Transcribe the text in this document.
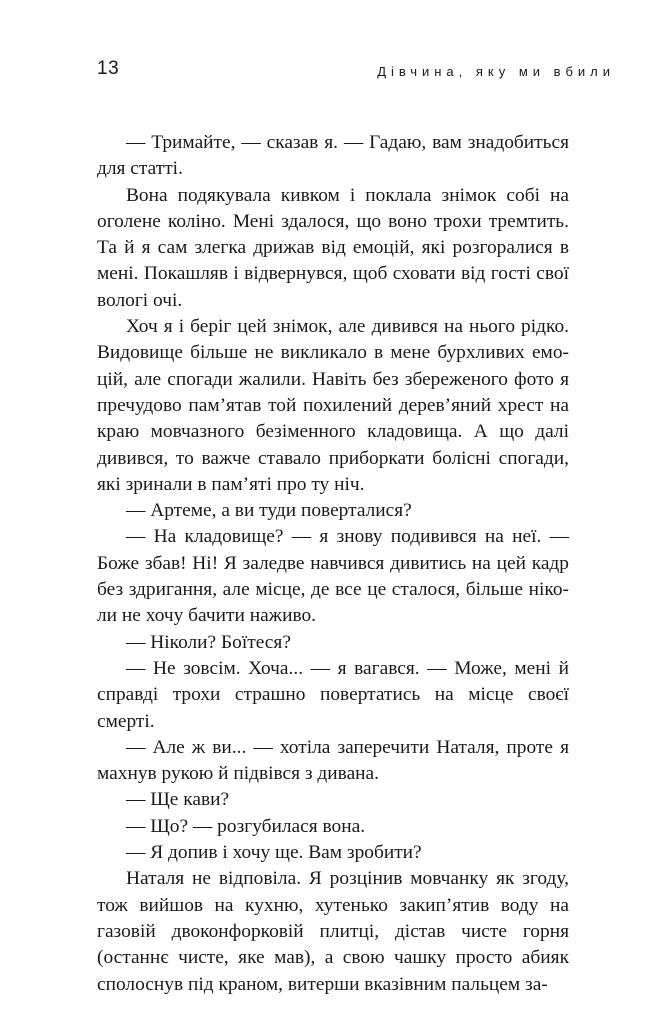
13	Дівчина, яку ми вбили

— Тримайте, — сказав я. — Гадаю, вам знадобиться для статті.

Вона подякувала кивком і поклала знімок собі на оголене коліно. Мені здалося, що воно трохи тремтить. Та й я сам злегка дрижав від емоцій, які розгоралися в мені. Покашляв і відвернувся, щоб сховати від гості свої вологі очі.

Хоч я і беріг цей знімок, але дивився на нього рідко. Видовище більше не викликало в мене бурхливих емоцій, але спогади жалили. Навіть без збереженого фото я пречудово пам’ятав той похилений дерев’яний хрест на краю мовчазного безіменного кладовища. А що далі дивився, то важче ставало приборкати болісні спогади, які зринали в пам’яті про ту ніч.

— Артеме, а ви туди поверталися?

— На кладовище? — я знову подивився на неї. — Боже збав! Ні! Я заледве навчився дивитись на цей кадр без здригання, але місце, де все це сталося, більше ніколи не хочу бачити наживо.

— Ніколи? Боїтеся?

— Не зовсім. Хоча... — я вагався. — Може, мені й справді трохи страшно повертатись на місце своєї смерті.

— Але ж ви... — хотіла заперечити Наталя, проте я махнув рукою й підвівся з дивана.

— Ще кави?

— Що? — розгубилася вона.

— Я допив і хочу ще. Вам зробити?

Наталя не відповіла. Я розцінив мовчанку як згоду, тож вийшов на кухню, хутенько закип’ятив воду на газовій двоконфорковій плитці, дістав чисте горня (останнє чисте, яке мав), а свою чашку просто абияк сполоснув під краном, витерши вказівним пальцем за-
